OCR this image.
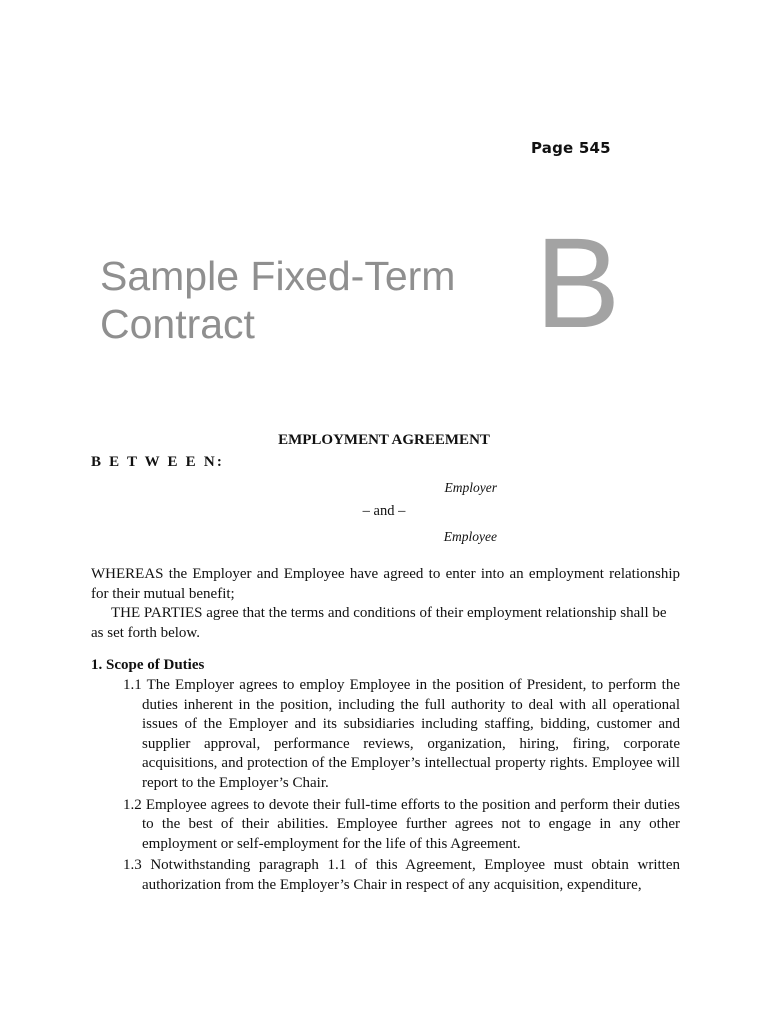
Page 545
Sample Fixed-Term
Contract	B
EMPLOYMENT AGREEMENT
B E T W E E N:
Employer
– and –
Employee

WHEREAS the Employer and Employee have agreed to enter into an employment relationship for their mutual benefit;

THE PARTIES agree that the terms and conditions of their employment relationship shall be as set forth below.

1. Scope of Duties

1.1 The Employer agrees to employ Employee in the position of President, to perform the duties inherent in the position, including the full authority to deal with all operational issues of the Employer and its subsidiaries including staffing, bidding, customer and supplier approval, performance reviews, organization, hiring, firing, corporate acquisitions, and protection of the Employer’s intellectual property rights. Employee will report to the Employer’s Chair.
1.2 Employee agrees to devote their full-time efforts to the position and perform their duties to the best of their abilities. Employee further agrees not to engage in any other employment or self-employment for the life of this Agreement.
1.3 Notwithstanding paragraph 1.1 of this Agreement, Employee must obtain written authorization from the Employer’s Chair in respect of any acquisition, expenditure,
